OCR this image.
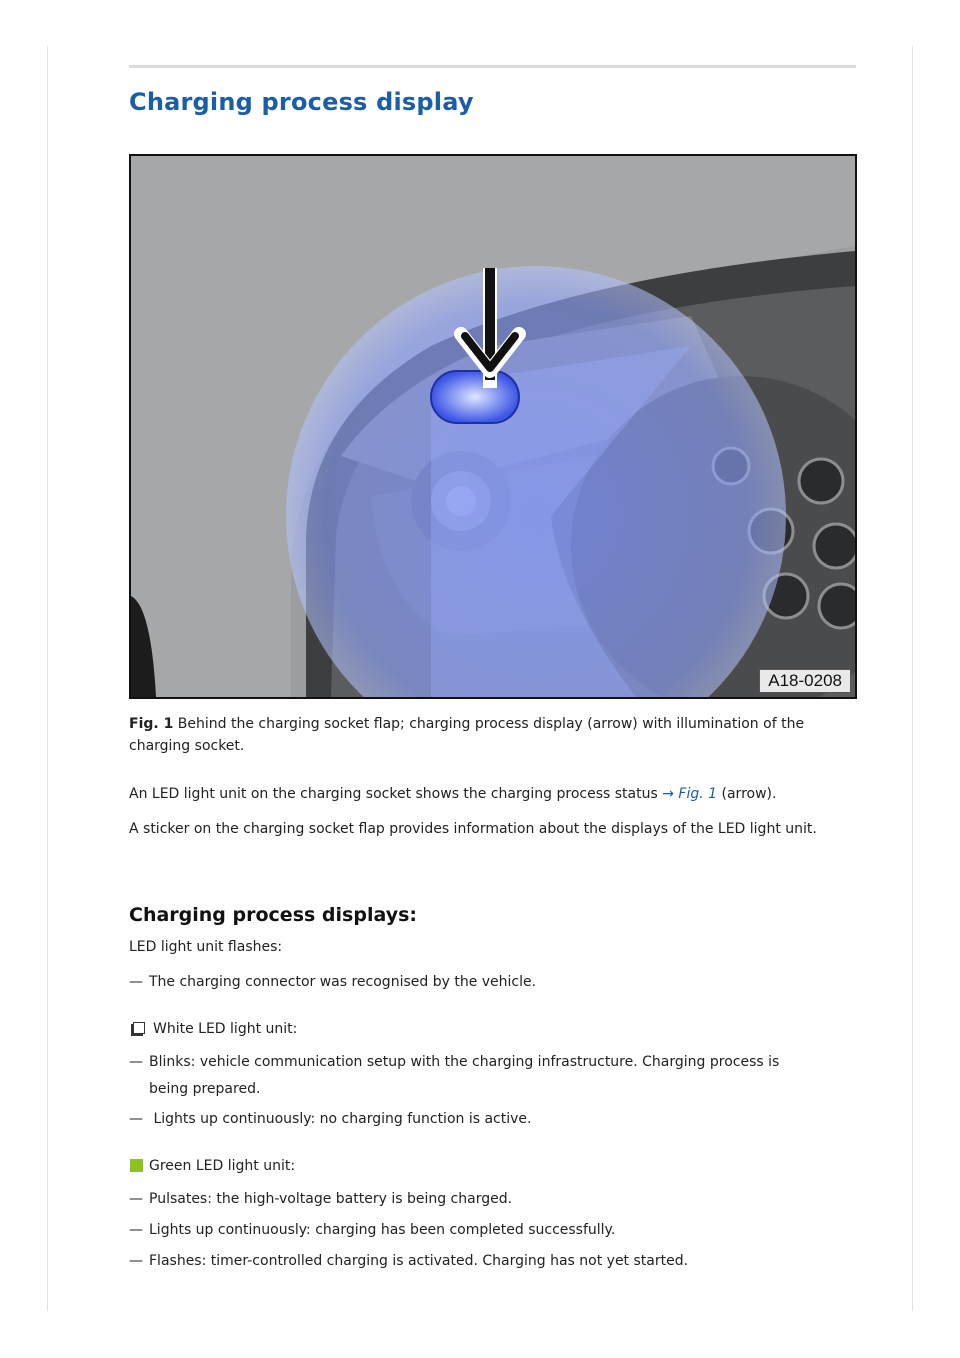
Charging process display
A18-0208

Fig. 1 Behind the charging socket flap; charging process display (arrow) with illumination of the charging socket.

An LED light unit on the charging socket shows the charging process status → Fig. 1 (arrow).

A sticker on the charging socket flap provides information about the displays of the LED light unit.

Charging process displays:

LED light unit flashes:

— The charging connector was recognised by the vehicle.

White LED light unit:

— Blinks: vehicle communication setup with the charging infrastructure. Charging process is

being prepared.

— Lights up continuously: no charging function is active.

Green LED light unit:

— Pulsates: the high-voltage battery is being charged.

— Lights up continuously: charging has been completed successfully.

— Flashes: timer-controlled charging is activated. Charging has not yet started.
